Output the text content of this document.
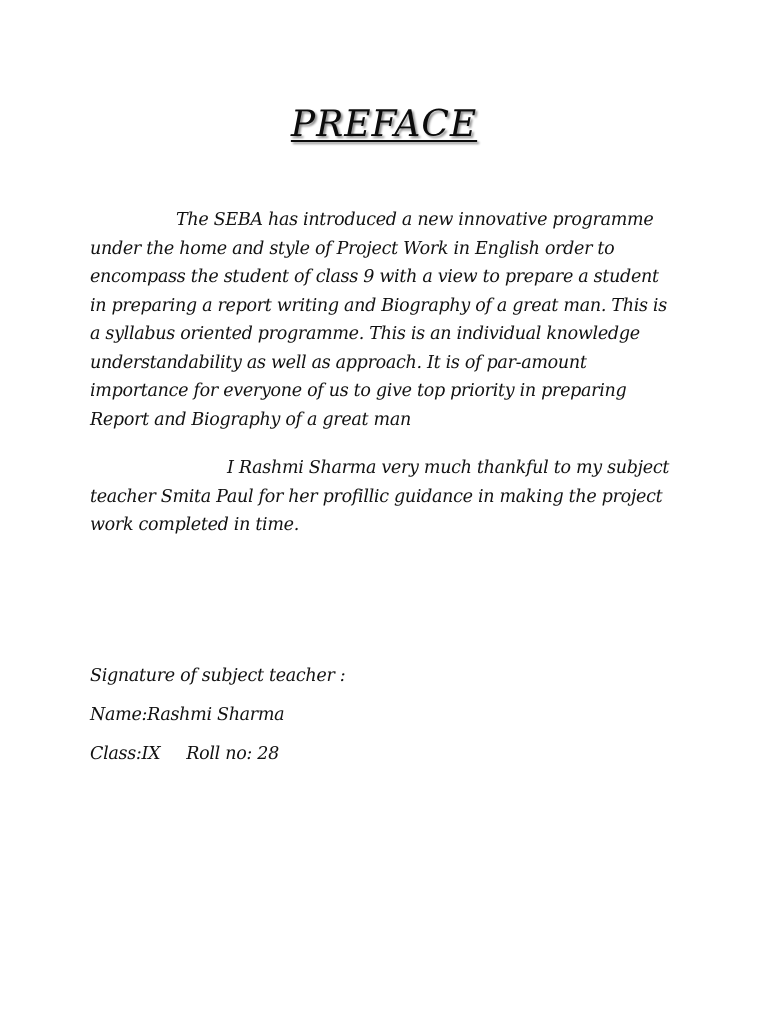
PREFACE
The SEBA has introduced a new innovative programme under the home and style of Project Work in English order to encompass the student of class 9 with a view to prepare a student in preparing a report writing and Biography of a great man. This is a syllabus oriented programme. This is an individual knowledge understandability as well as approach. It is of par-amount importance for everyone of us to give top priority in preparing Report and Biography of a great man
I Rashmi Sharma very much thankful to my subject teacher Smita Paul for her profillic guidance in making the project work completed in time.
Signature of subject teacher :
Name:Rashmi Sharma
Class:IX Roll no: 28
